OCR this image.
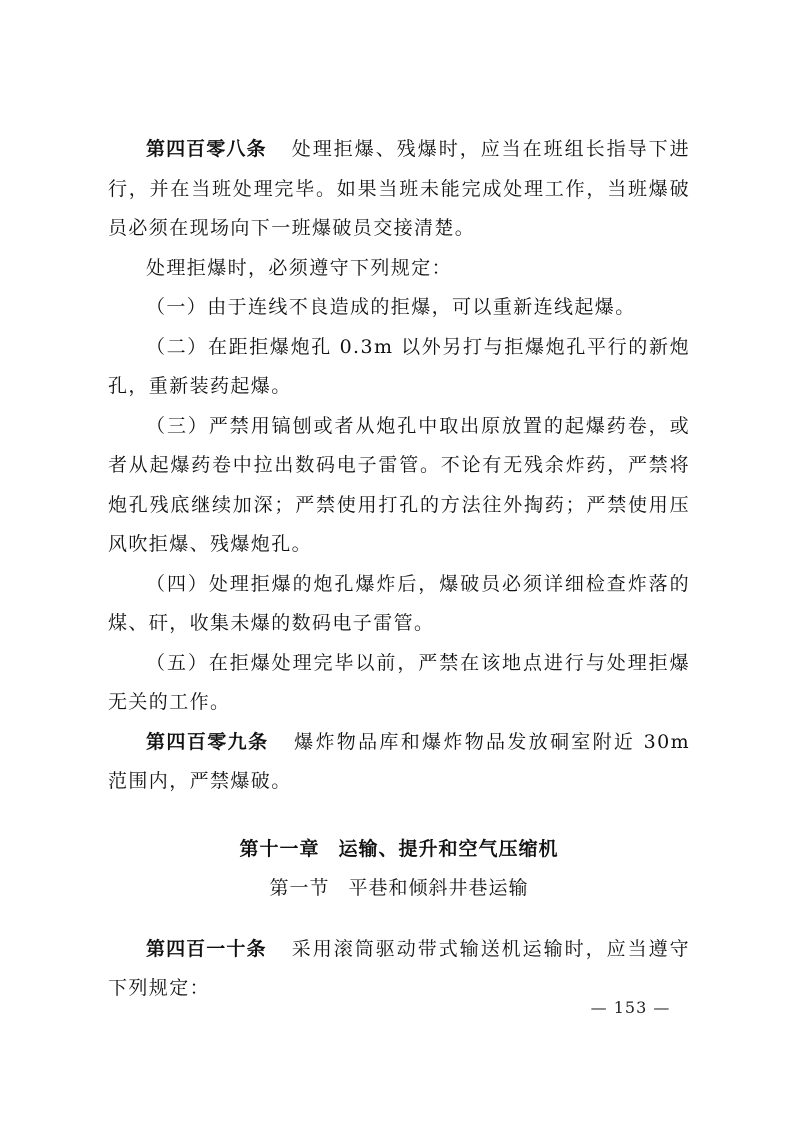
第四百零八条 处理拒爆、残爆时，应当在班组长指导下进行，并在当班处理完毕。如果当班未能完成处理工作，当班爆破员必须在现场向下一班爆破员交接清楚。

处理拒爆时，必须遵守下列规定：

（一）由于连线不良造成的拒爆，可以重新连线起爆。

（二）在距拒爆炮孔 0.3m 以外另打与拒爆炮孔平行的新炮孔，重新装药起爆。

（三）严禁用镐刨或者从炮孔中取出原放置的起爆药卷，或者从起爆药卷中拉出数码电子雷管。不论有无残余炸药，严禁将炮孔残底继续加深；严禁使用打孔的方法往外掏药；严禁使用压风吹拒爆、残爆炮孔。

（四）处理拒爆的炮孔爆炸后，爆破员必须详细检查炸落的煤、矸，收集未爆的数码电子雷管。

（五）在拒爆处理完毕以前，严禁在该地点进行与处理拒爆无关的工作。

第四百零九条 爆炸物品库和爆炸物品发放硐室附近 30m 范围内，严禁爆破。

第十一章 运输、提升和空气压缩机
第一节 平巷和倾斜井巷运输

第四百一十条 采用滚筒驱动带式输送机运输时，应当遵守下列规定：

— 153 —
